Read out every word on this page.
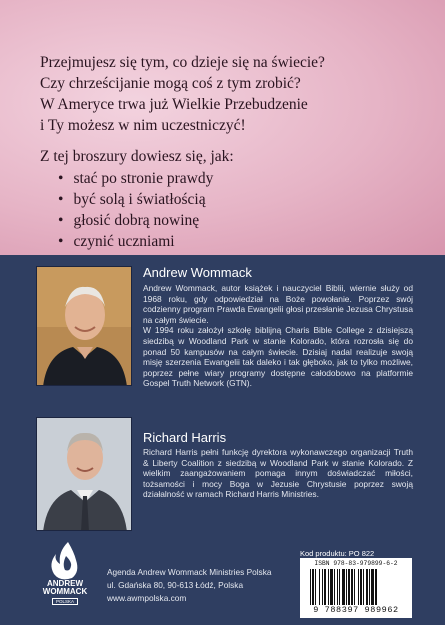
Przejmujesz się tym, co dzieje się na świecie?

Czy chrześcijanie mogą coś z tym zrobić?

W Ameryce trwa już Wielkie Przebudzenie

i Ty możesz w nim uczestniczyć!

Z tej broszury dowiesz się, jak:

• stać po stronie prawdy
• być solą i światłością
• głosić dobrą nowinę
• czynić uczniami
Andrew Wommack

Andrew Wommack, autor książek i nauczyciel Biblii, wiernie służy od 1968 roku, gdy odpowiedział na Boże powołanie. Poprzez swój codzienny program Prawda Ewangelii głosi przesłanie Jezusa Chrystusa na całym świecie.

W 1994 roku założył szkołę biblijną Charis Bible College z dzisiejszą siedzibą w Woodland Park w stanie Kolorado, która rozrosła się do ponad 50 kampusów na całym świecie. Dzisiaj nadal realizuje swoją misję szerzenia Ewangelii tak daleko i tak głęboko, jak to tylko możliwe, poprzez pełne wiary programy dostępne całodobowo na platformie Gospel Truth Network (GTN).

Richard Harris

Richard Harris pełni funkcję dyrektora wykonawczego organizacji Truth & Liberty Coalition z siedzibą w Woodland Park w stanie Kolorado. Z wielkim zaangażowaniem pomaga innym doświadczać miłości, tożsamości i mocy Boga w Jezusie Chrystusie poprzez swoją działalność w ramach Richard Harris Ministries.

ANDREW
WOMMACK
POLSKA
Agenda Andrew Wommack Ministries Polska
ul. Gdańska 80, 90-613 Łódź, Polska
www.awmpolska.com
Kod produktu: PO 822
ISBN 978-83-979899-6-2
9 788397 989962
